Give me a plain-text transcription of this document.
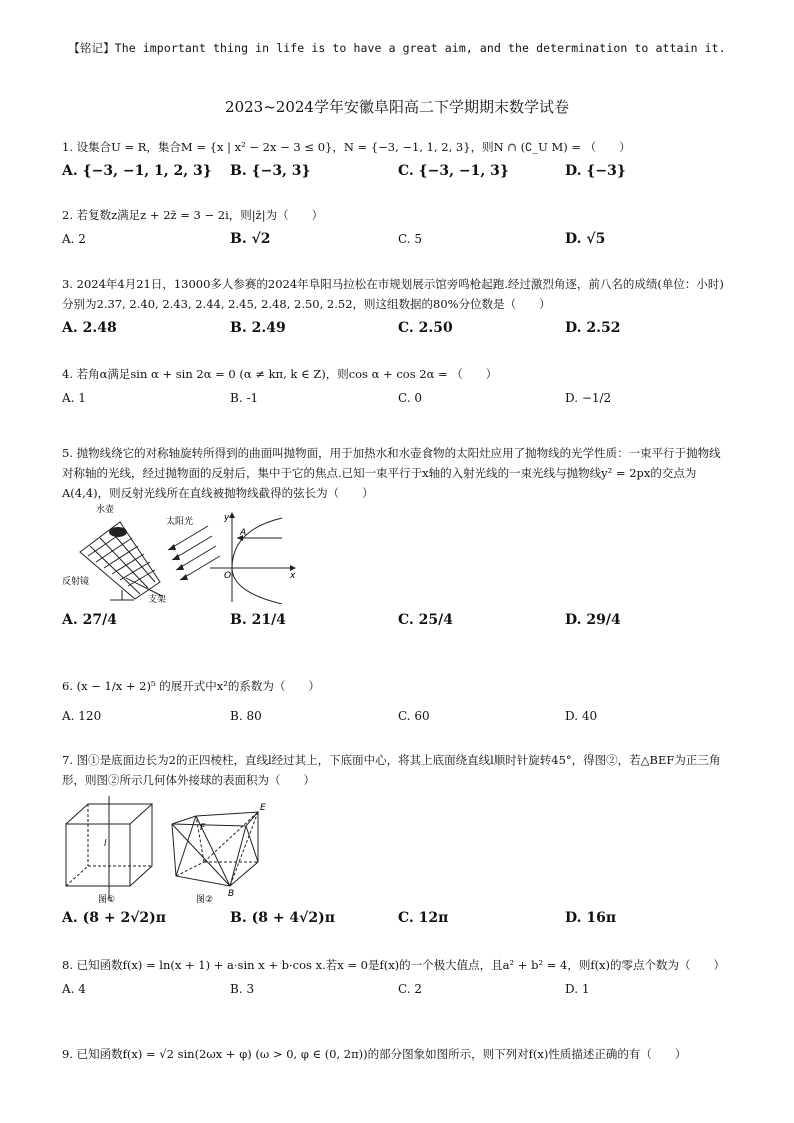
【铭记】The important thing in life is to have a great aim, and the determination to attain it.
2023~2024学年安徽阜阳高二下学期期末数学试卷
1. 设集合U = R，集合M = {x | x² − 2x − 3 ≤ 0}，N = {−3, −1, 1, 2, 3}，则N ∩ (∁_U M) = （　　）
A. {−3, −1, 1, 2, 3} B. {−3, 3}	C. {−3, −1, 3}	D. {−3}
2. 若复数z满足z + 2z̄ = 3 − 2i，则|z̄|为（　　）
A. 2	B. √2	C. 5	D. √5
3. 2024年4月21日，13000多人参赛的2024年阜阳马拉松在市规划展示馆旁鸣枪起跑.经过激烈角逐，前八名的成绩(单位：小时)分别为2.37, 2.40, 2.43, 2.44, 2.45, 2.48, 2.50, 2.52，则这组数据的80%分位数是（　　）
A. 2.48	B. 2.49	C. 2.50	D. 2.52
4. 若角α满足sin α + sin 2α = 0 (α ≠ kπ, k ∈ Z)，则cos α + cos 2α = （　　）
A. 1	B. -1	C. 0	D. −1/2
5. 抛物线绕它的对称轴旋转所得到的曲面叫抛物面，用于加热水和水壶食物的太阳灶应用了抛物线的光学性质：一束平行于抛物线对称轴的光线，经过抛物面的反射后，集中于它的焦点.已知一束平行于x轴的入射光线的一束光线与抛物线y² = 2px的交点为A(4,4)，则反射光线所在直线被抛物线截得的弦长为（　　）
水壶
太阳光
反射镜
支架
y
A
O	x
A. 27/4	B. 21/4	C. 25/4	D. 29/4
6. (x − 1/x + 2)⁵ 的展开式中x²的系数为（　　）
A. 120	B. 80	C. 60	D. 40
7. 图①是底面边长为2的正四棱柱，直线l经过其上，下底面中心，将其上底面绕直线l顺时针旋转45°，得图②，若△BEF为正三角形，则图②所示几何体外接球的表面积为（　　）
l
图①
F
E
B
图②
A. (8 + 2√2)π	B. (8 + 4√2)π	C. 12π	D. 16π
8. 已知函数f(x) = ln(x + 1) + a·sin x + b·cos x.若x = 0是f(x)的一个极大值点，且a² + b² = 4，则f(x)的零点个数为（　　）
A. 4	B. 3	C. 2	D. 1
9. 已知函数f(x) = √2 sin(2ωx + φ) (ω > 0, φ ∈ (0, 2π))的部分图象如图所示，则下列对f(x)性质描述正确的有（　　）
